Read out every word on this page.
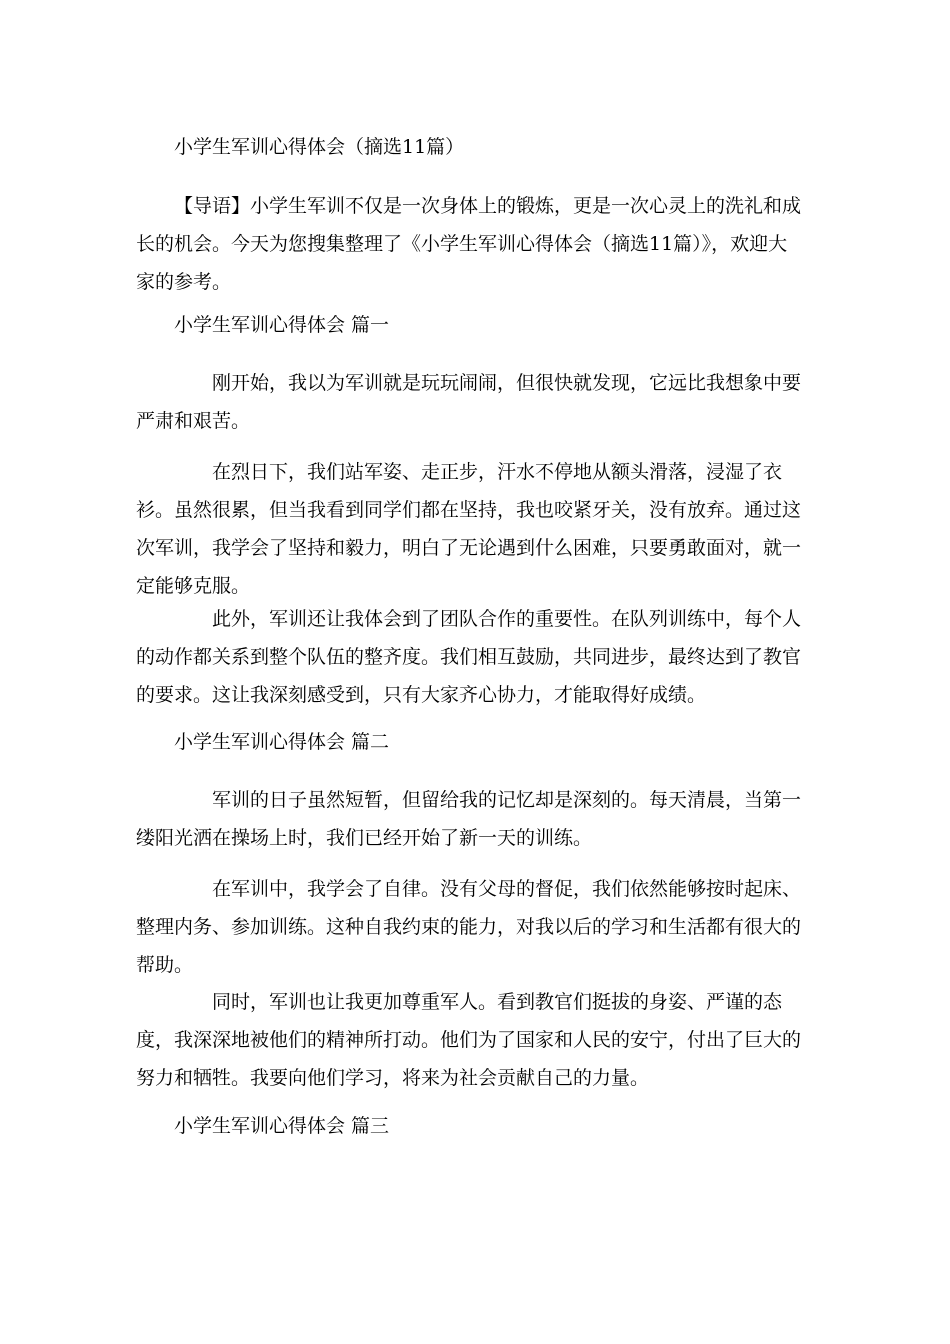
小学生军训心得体会（摘选11篇）

【导语】小学生军训不仅是一次身体上的锻炼，更是一次心灵上的洗礼和成长的机会。今天为您搜集整理了《小学生军训心得体会（摘选11篇）》，欢迎大家的参考。

小学生军训心得体会 篇一

刚开始，我以为军训就是玩玩闹闹，但很快就发现，它远比我想象中要严肃和艰苦。

在烈日下，我们站军姿、走正步，汗水不停地从额头滑落，浸湿了衣衫。虽然很累，但当我看到同学们都在坚持，我也咬紧牙关，没有放弃。通过这次军训，我学会了坚持和毅力，明白了无论遇到什么困难，只要勇敢面对，就一定能够克服。

此外，军训还让我体会到了团队合作的重要性。在队列训练中，每个人的动作都关系到整个队伍的整齐度。我们相互鼓励，共同进步，最终达到了教官的要求。这让我深刻感受到，只有大家齐心协力，才能取得好成绩。

小学生军训心得体会 篇二

军训的日子虽然短暂，但留给我的记忆却是深刻的。每天清晨，当第一缕阳光洒在操场上时，我们已经开始了新一天的训练。

在军训中，我学会了自律。没有父母的督促，我们依然能够按时起床、整理内务、参加训练。这种自我约束的能力，对我以后的学习和生活都有很大的帮助。

同时，军训也让我更加尊重军人。看到教官们挺拔的身姿、严谨的态度，我深深地被他们的精神所打动。他们为了国家和人民的安宁，付出了巨大的努力和牺牲。我要向他们学习，将来为社会贡献自己的力量。

小学生军训心得体会 篇三
